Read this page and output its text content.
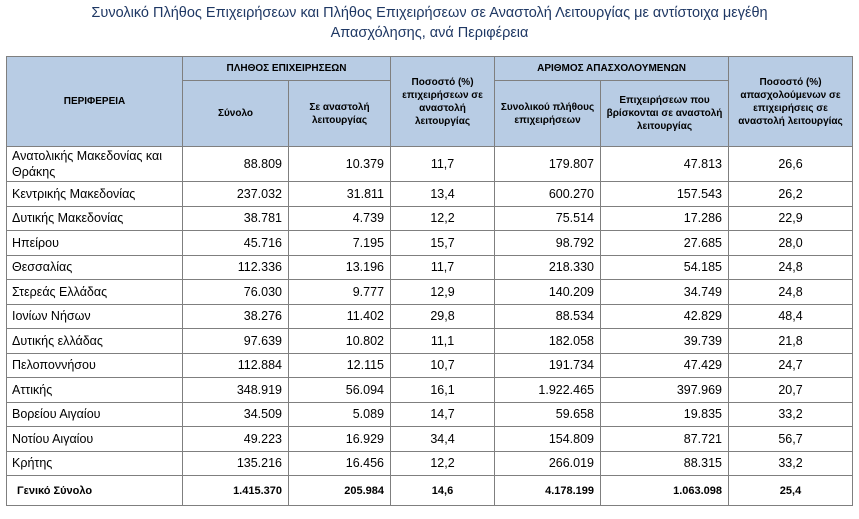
Συνολικό Πλήθος Επιχειρήσεων και Πλήθος Επιχειρήσεων σε Αναστολή Λειτουργίας με αντίστοιχα μεγέθη
Απασχόλησης, ανά Περιφέρεια
ΠΕΡΙΦΕΡΕΙΑ	ΠΛΗΘΟΣ ΕΠΙΧΕΙΡΗΣΕΩΝ		Ποσοστό (%) επιχειρήσεων σε αναστολή λειτουργίας	ΑΡΙΘΜΟΣ ΑΠΑΣΧΟΛΟΥΜΕΝΩΝ		Ποσοστό (%) απασχολούμενων σε επιχειρήσεις σε αναστολή λειτουργίας
	Σύνολο	Σε αναστολή λειτουργίας		Συνολικού πλήθους επιχειρήσεων	Επιχειρήσεων που βρίσκονται σε αναστολή λειτουργίας	
Ανατολικής Μακεδονίας και Θράκης	88.809	10.379	11,7	179.807	47.813	26,6
Κεντρικής Μακεδονίας	237.032	31.811	13,4	600.270	157.543	26,2
Δυτικής Μακεδονίας	38.781	4.739	12,2	75.514	17.286	22,9
Ηπείρου	45.716	7.195	15,7	98.792	27.685	28,0
Θεσσαλίας	112.336	13.196	11,7	218.330	54.185	24,8
Στερεάς Ελλάδας	76.030	9.777	12,9	140.209	34.749	24,8
Ιονίων Νήσων	38.276	11.402	29,8	88.534	42.829	48,4
Δυτικής ελλάδας	97.639	10.802	11,1	182.058	39.739	21,8
Πελοποννήσου	112.884	12.115	10,7	191.734	47.429	24,7
Αττικής	348.919	56.094	16,1	1.922.465	397.969	20,7
Βορείου Αιγαίου	34.509	5.089	14,7	59.658	19.835	33,2
Νοτίου Αιγαίου	49.223	16.929	34,4	154.809	87.721	56,7
Κρήτης	135.216	16.456	12,2	266.019	88.315	33,2
Γενικό Σύνολο	1.415.370	205.984	14,6	4.178.199	1.063.098	25,4
